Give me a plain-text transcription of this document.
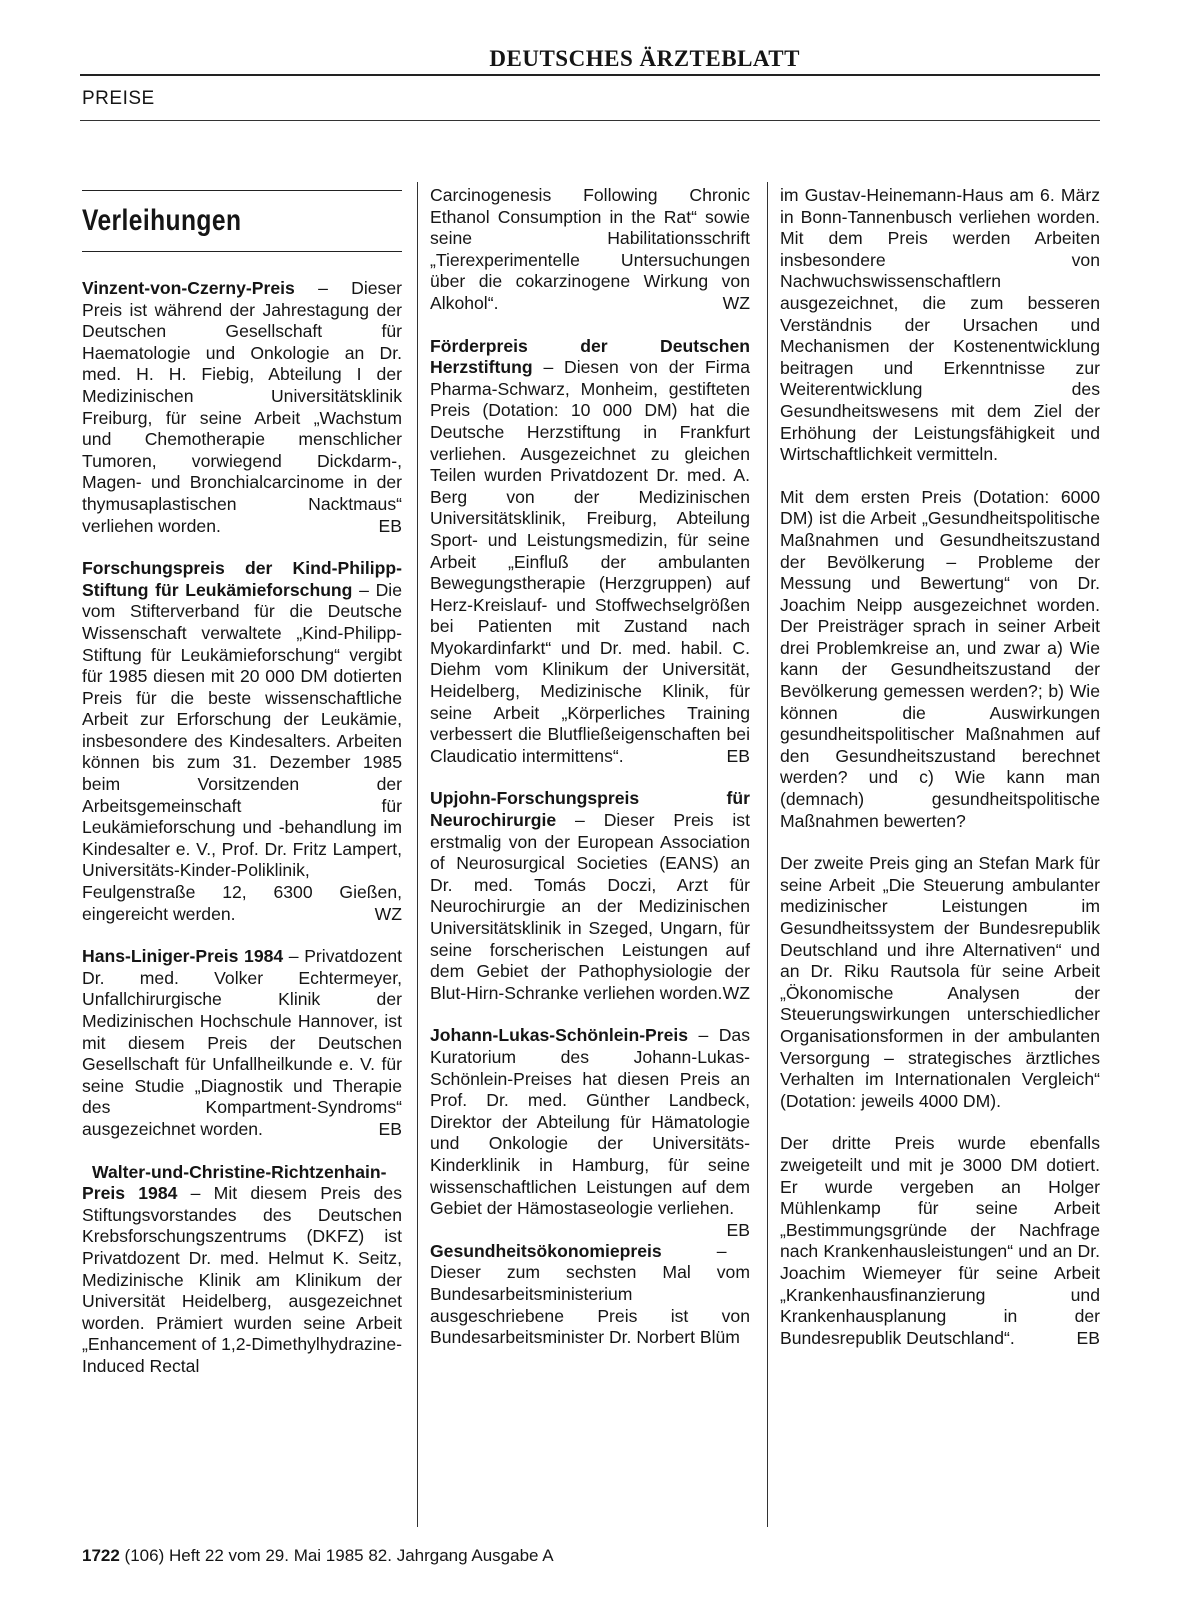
DEUTSCHES ÄRZTEBLATT
PREISE
Verleihungen

Vinzent-von-Czerny-Preis – Dieser Preis ist während der Jahrestagung der Deutschen Gesellschaft für Haematologie und Onkologie an Dr. med. H. H. Fiebig, Abteilung I der Medizinischen Universitätsklinik Freiburg, für seine Arbeit „Wachstum und Chemotherapie menschlicher Tumoren, vorwiegend Dickdarm-, Magen- und Bronchialcarcinome in der thymusaplastischen Nacktmaus“ verliehen worden.	EB

Forschungspreis der Kind-Philipp-Stiftung für Leukämieforschung – Die vom Stifterverband für die Deutsche Wissenschaft verwaltete „Kind-Philipp-Stiftung für Leukämieforschung“ vergibt für 1985 diesen mit 20 000 DM dotierten Preis für die beste wissenschaftliche Arbeit zur Erforschung der Leukämie, insbesondere des Kindesalters. Arbeiten können bis zum 31. Dezember 1985 beim Vorsitzenden der Arbeitsgemeinschaft für Leukämieforschung und -behandlung im Kindesalter e. V., Prof. Dr. Fritz Lampert, Universitäts-Kinder-Poliklinik, Feulgenstraße 12, 6300 Gießen, eingereicht werden.	WZ

Hans-Liniger-Preis 1984 – Privatdozent Dr. med. Volker Echtermeyer, Unfallchirurgische Klinik der Medizinischen Hochschule Hannover, ist mit diesem Preis der Deutschen Gesellschaft für Unfallheilkunde e. V. für seine Studie „Diagnostik und Therapie des Kompartment-Syndroms“ ausgezeichnet worden.	EB

Walter-und-Christine-Richtzenhain-Preis 1984 – Mit diesem Preis des Stiftungsvorstandes des Deutschen Krebsforschungszentrums (DKFZ) ist Privatdozent Dr. med. Helmut K. Seitz, Medizinische Klinik am Klinikum der Universität Heidelberg, ausgezeichnet worden. Prämiert wurden seine Arbeit „Enhancement of 1,2-Dimethylhydrazine-Induced Rectal

Carcinogenesis Following Chronic Ethanol Consumption in the Rat“ sowie seine Habilitationsschrift „Tierexperimentelle Untersuchungen über die cokarzinogene Wirkung von Alkohol“.	WZ

Förderpreis der Deutschen Herzstiftung – Diesen von der Firma Pharma-Schwarz, Monheim, gestifteten Preis (Dotation: 10 000 DM) hat die Deutsche Herzstiftung in Frankfurt verliehen. Ausgezeichnet zu gleichen Teilen wurden Privatdozent Dr. med. A. Berg von der Medizinischen Universitätsklinik, Freiburg, Abteilung Sport- und Leistungsmedizin, für seine Arbeit „Einfluß der ambulanten Bewegungstherapie (Herzgruppen) auf Herz-Kreislauf- und Stoffwechselgrößen bei Patienten mit Zustand nach Myokardinfarkt“ und Dr. med. habil. C. Diehm vom Klinikum der Universität, Heidelberg, Medizinische Klinik, für seine Arbeit „Körperliches Training verbessert die Blutfließeigenschaften bei Claudicatio intermittens“.	EB

Upjohn-Forschungspreis für Neurochirurgie – Dieser Preis ist erstmalig von der European Association of Neurosurgical Societies (EANS) an Dr. med. Tomás Doczi, Arzt für Neurochirurgie an der Medizinischen Universitätsklinik in Szeged, Ungarn, für seine forscherischen Leistungen auf dem Gebiet der Pathophysiologie der Blut-Hirn-Schranke verliehen worden. WZ

Johann-Lukas-Schönlein-Preis – Das Kuratorium des Johann-Lukas-Schönlein-Preises hat diesen Preis an Prof. Dr. med. Günther Landbeck, Direktor der Abteilung für Hämatologie und Onkologie der Universitäts-Kinderklinik in Hamburg, für seine wissenschaftlichen Leistungen auf dem Gebiet der Hämostaseologie verliehen.
EB

Gesundheitsökonomiepreis – Dieser zum sechsten Mal vom Bundesarbeitsministerium ausgeschriebene Preis ist von Bundesarbeitsminister Dr. Norbert Blüm

im Gustav-Heinemann-Haus am 6. März in Bonn-Tannenbusch verliehen worden. Mit dem Preis werden Arbeiten insbesondere von Nachwuchswissenschaftlern ausgezeichnet, die zum besseren Verständnis der Ursachen und Mechanismen der Kostenentwicklung beitragen und Erkenntnisse zur Weiterentwicklung des Gesundheitswesens mit dem Ziel der Erhöhung der Leistungsfähigkeit und Wirtschaftlichkeit vermitteln.

Mit dem ersten Preis (Dotation: 6000 DM) ist die Arbeit „Gesundheitspolitische Maßnahmen und Gesundheitszustand der Bevölkerung – Probleme der Messung und Bewertung“ von Dr. Joachim Neipp ausgezeichnet worden. Der Preisträger sprach in seiner Arbeit drei Problemkreise an, und zwar a) Wie kann der Gesundheitszustand der Bevölkerung gemessen werden?; b) Wie können die Auswirkungen gesundheitspolitischer Maßnahmen auf den Gesundheitszustand berechnet werden? und c) Wie kann man (demnach) gesundheitspolitische Maßnahmen bewerten?

Der zweite Preis ging an Stefan Mark für seine Arbeit „Die Steuerung ambulanter medizinischer Leistungen im Gesundheitssystem der Bundesrepublik Deutschland und ihre Alternativen“ und an Dr. Riku Rautsola für seine Arbeit „Ökonomische Analysen der Steuerungswirkungen unterschiedlicher Organisationsformen in der ambulanten Versorgung – strategisches ärztliches Verhalten im Internationalen Vergleich“ (Dotation: jeweils 4000 DM).

Der dritte Preis wurde ebenfalls zweigeteilt und mit je 3000 DM dotiert. Er wurde vergeben an Holger Mühlenkamp für seine Arbeit „Bestimmungsgründe der Nachfrage nach Krankenhausleistungen“ und an Dr. Joachim Wiemeyer für seine Arbeit „Krankenhausfinanzierung und Krankenhausplanung in der Bundesrepublik Deutschland“.	EB

1722 (106) Heft 22 vom 29. Mai 1985 82. Jahrgang Ausgabe A
